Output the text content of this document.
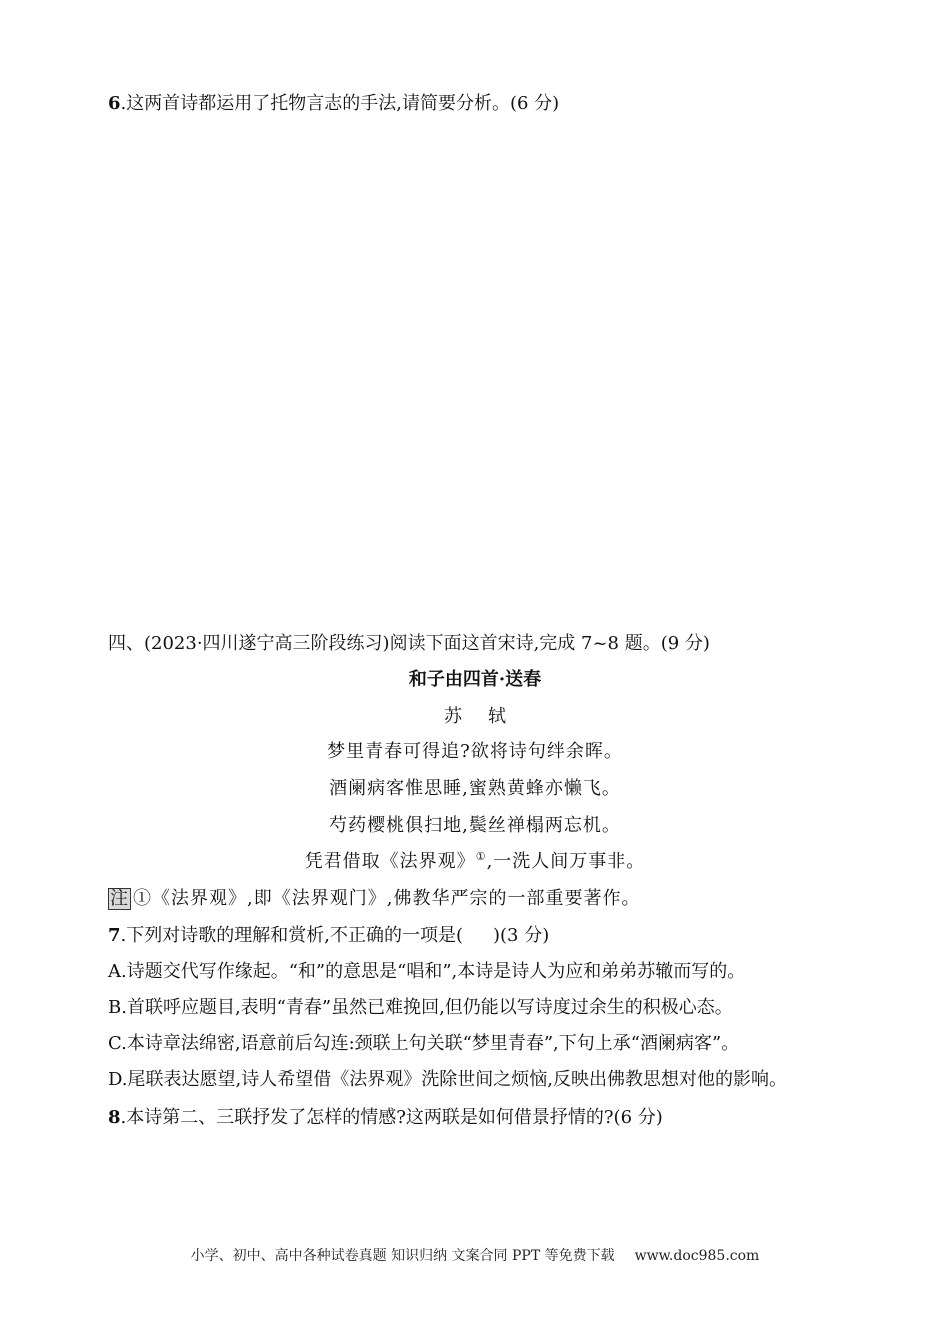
6.这两首诗都运用了托物言志的手法,请简要分析。(6 分)
四、(2023·四川遂宁高三阶段练习)阅读下面这首宋诗,完成 7~8 题。(9 分)
和子由四首·送春
苏轼
梦里青春可得追?欲将诗句绊余晖。
酒阑病客惟思睡,蜜熟黄蜂亦懒飞。
芍药樱桃俱扫地,鬓丝禅榻两忘机。
凭君借取《法界观》①,一洗人间万事非。
注 ①《法界观》,即《法界观门》,佛教华严宗的一部重要著作。
7.下列对诗歌的理解和赏析,不正确的一项是( )(3 分)
A.诗题交代写作缘起。“和”的意思是“唱和”,本诗是诗人为应和弟弟苏辙而写的。
B.首联呼应题目,表明“青春”虽然已难挽回,但仍能以写诗度过余生的积极心态。
C.本诗章法绵密,语意前后勾连:颈联上句关联“梦里青春”,下句上承“酒阑病客”。
D.尾联表达愿望,诗人希望借《法界观》洗除世间之烦恼,反映出佛教思想对他的影响。
8.本诗第二、三联抒发了怎样的情感?这两联是如何借景抒情的?(6 分)
小学、初中、高中各种试卷真题 知识归纳 文案合同 PPT 等免费下载 www.doc985.com
